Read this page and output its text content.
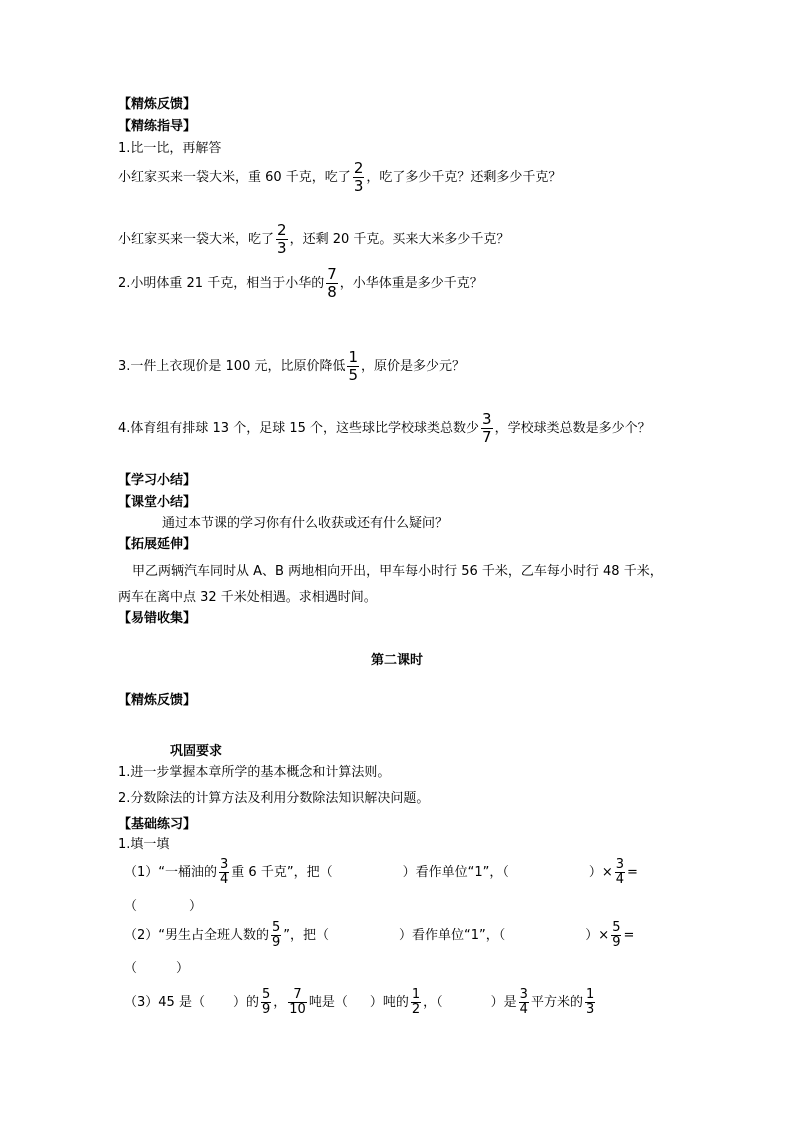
【精炼反馈】
【精练指导】
1.比一比，再解答
小红家买来一袋大米，重 60 千克，吃了 $\frac{2}{3}$ ，吃了多少千克？还剩多少千克？
小红家买来一袋大米，吃了 $\frac{2}{3}$ ，还剩 20 千克。买来大米多少千克？
2.小明体重 21 千克，相当于小华的 $\frac{7}{8}$ ，小华体重是多少千克？
3.一件上衣现价是 100 元，比原价降低 $\frac{1}{5}$ ，原价是多少元？
4.体育组有排球 13 个，足球 15 个，这些球比学校球类总数少 $\frac{3}{7}$ ，学校球类总数是多少个？
【学习小结】
【课堂小结】
通过本节课的学习你有什么收获或还有什么疑问？
【拓展延伸】
甲乙两辆汽车同时从 A、B 两地相向开出，甲车每小时行 56 千米，乙车每小时行 48 千米，
两车在离中点 32 千米处相遇。求相遇时间。
【易错收集】
第二课时
【精炼反馈】
巩固要求
1.进一步掌握本章所学的基本概念和计算法则。
2.分数除法的计算方法及利用分数除法知识解决问题。
【基础练习】
1.填一填
（1）“一桶油的 $\frac{3}{4}$ 重 6 千克”，把（	）看作单位“1”，（	）× $\frac{3}{4}$ =
（　　　　）
（2）“男生占全班人数的 $\frac{5}{9}$ ”，把（	）看作单位“1”，（	）× $\frac{5}{9}$ =
（　　　）
（3）45 是（ ）的 $\frac{5}{9}$ ， $\frac{7}{10}$ 吨是（ ）吨的 $\frac{1}{2}$ ，（	）是 $\frac{3}{4}$ 平方米的 $\frac{1}{3}$
